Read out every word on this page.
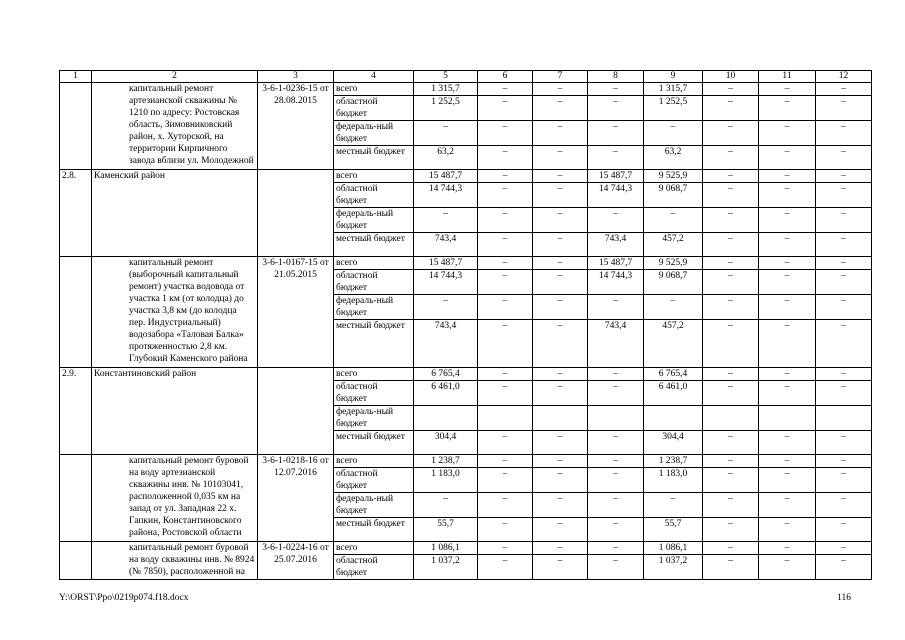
1	2	3	4	5	6	7	8	9	10	11	12
	капитальный ремонт артезианской скважины № 1210 по адресу: Ростовская область, Зимовниковский район, х. Хуторской, на территории Кирпичного завода вблизи ул. Молодежной	3-6-1-0236-15 от 28.08.2015	всего	1 315,7	–	–	–	1 315,7	–	–	–
			областной бюджет	1 252,5	–	–	–	1 252,5	–	–	–
			федераль-ный бюджет	–	–	–	–	–	–	–	–
			местный бюджет	63,2	–	–	–	63,2	–	–	–
2.8.	Каменский район		всего	15 487,7	–	–	15 487,7	9 525,9	–	–	–
			областной бюджет	14 744,3	–	–	14 744,3	9 068,7	–	–	–
			федераль-ный бюджет	–	–	–	–	–	–	–	–
			местный бюджет	743,4	–	–	743,4	457,2	–	–	–
	капитальный ремонт (выборочный капитальный ремонт) участка водовода от участка 1 км (от колодца) до участка 3,8 км (до колодца пер. Индустриальный) водозабора «Таловая Балка» протяженностью 2,8 км. Глубокий Каменского района	3-6-1-0167-15 от 21.05.2015	всего	15 487,7	–	–	15 487,7	9 525,9	–	–	–
			областной бюджет	14 744,3	–	–	14 744,3	9 068,7	–	–	–
			федераль-ный бюджет	–	–	–	–	–	–	–	–
			местный бюджет	743,4	–	–	743,4	457,2	–	–	–
2.9.	Константиновский район		всего	6 765,4	–	–	–	6 765,4	–	–	–
			областной бюджет	6 461,0	–	–	–	6 461,0	–	–	–
			федераль-ный бюджет								
			местный бюджет	304,4	–	–	–	304,4	–	–	–
	капитальный ремонт буровой на воду артезианской скважины инв. № 10103041, расположенной 0,035 км на запад от ул. Западная 22 х. Гапкин, Константиновского района, Ростовской области	3-6-1-0218-16 от 12.07.2016	всего	1 238,7	–	–	–	1 238,7	–	–	–
			областной бюджет	1 183,0	–	–	–	1 183,0	–	–	–
			федераль-ный бюджет	–	–	–	–	–	–	–	–
			местный бюджет	55,7	–	–	–	55,7	–	–	–
	капитальный ремонт буровой на воду скважины инв. № 8924 (№ 7850), расположенной на	3-6-1-0224-16 от 25.07.2016	всего	1 086,1	–	–	–	1 086,1	–	–	–
			областной бюджет	1 037,2	–	–	–	1 037,2	–	–	–
Y:\ORST\Ppo\0219p074.f18.docx	116
